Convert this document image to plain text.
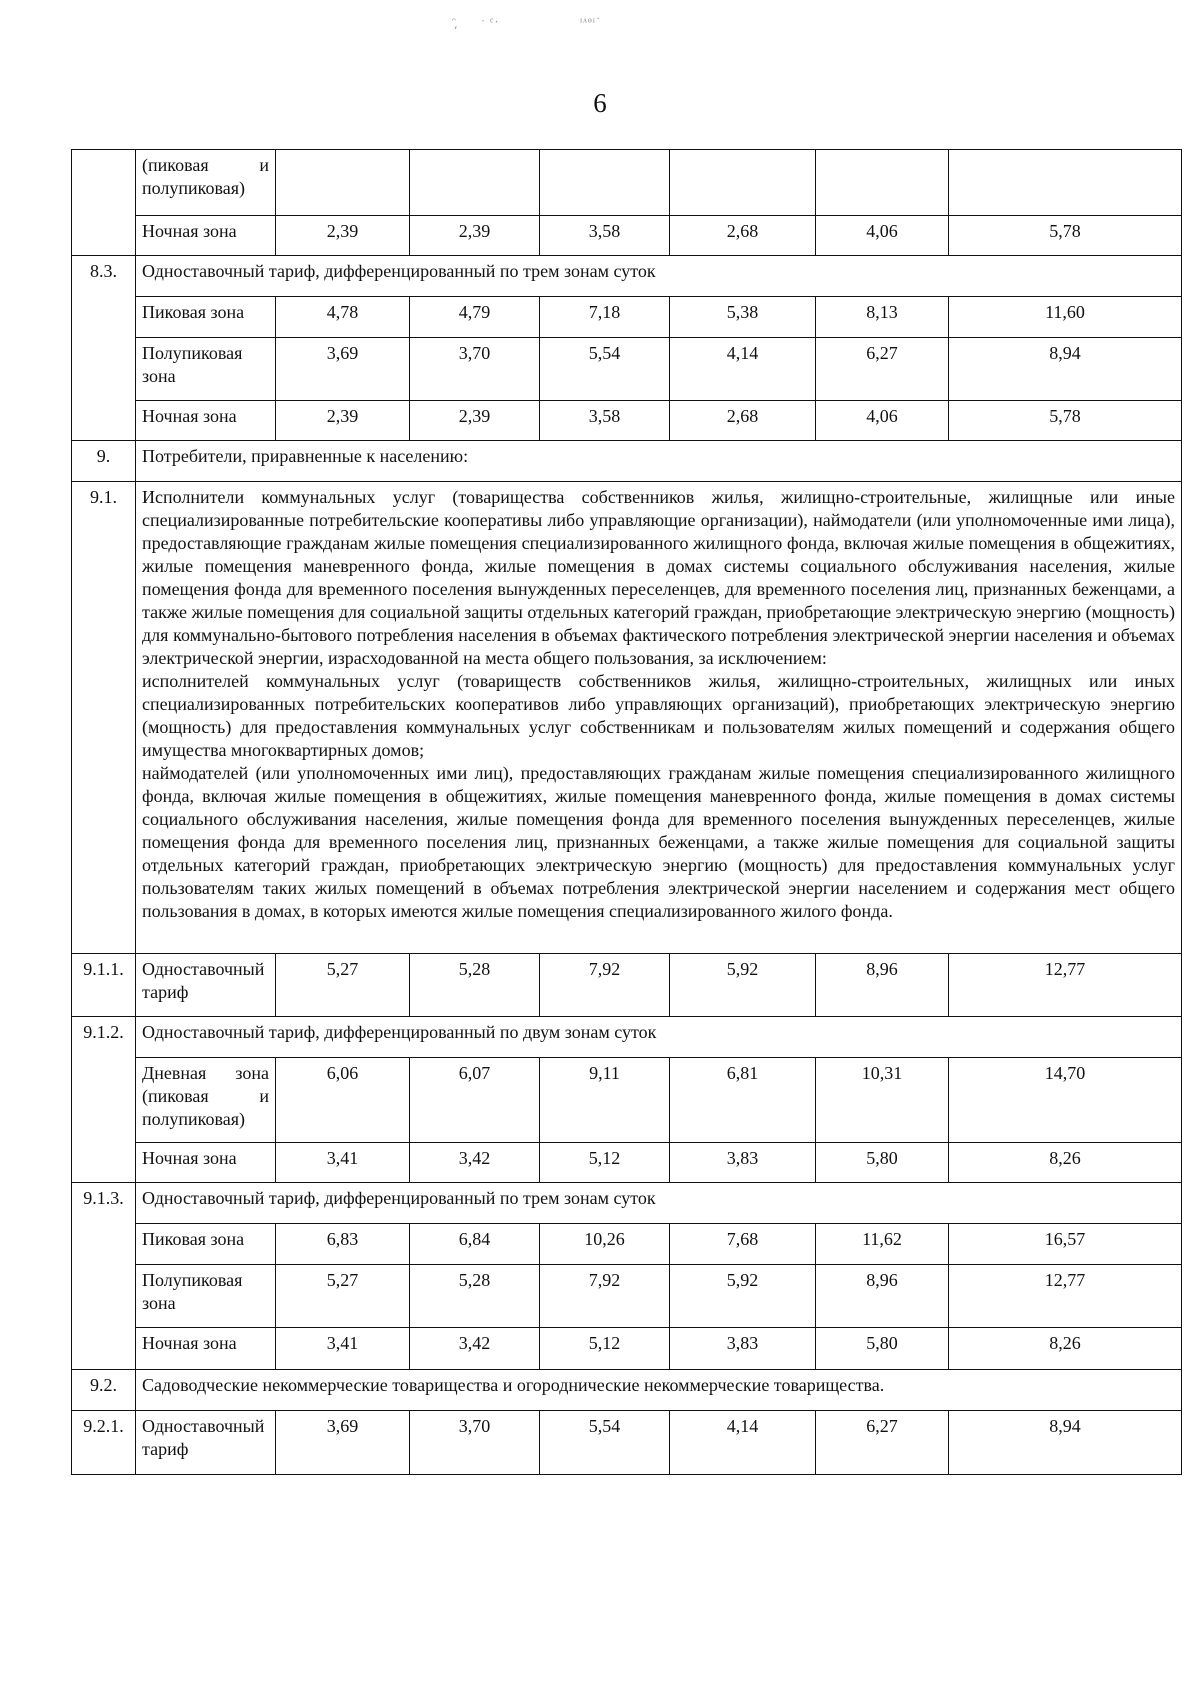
ᵔ᷊ᷤᷢ ˑ ᶜ·	ᶦᶺᶱᶦ˙
6
	(пиковая и полупиковая)						
	Ночная зона	2,39	2,39	3,58	2,68	4,06	5,78
8.3.	Одноставочный тариф, дифференцированный по трем зонам суток						
	Пиковая зона	4,78	4,79	7,18	5,38	8,13	11,60
	Полупиковая зона	3,69	3,70	5,54	4,14	6,27	8,94
	Ночная зона	2,39	2,39	3,58	2,68	4,06	5,78
9.	Потребители, приравненные к населению:						
9.1.	Исполнители коммунальных услуг (товарищества собственников жилья, жилищно-строительные, жилищные или иные специализированные потребительские кооперативы либо управляющие организации), наймодатели (или уполномоченные ими лица), предоставляющие гражданам жилые помещения специализированного жилищного фонда, включая жилые помещения в общежитиях, жилые помещения маневренного фонда, жилые помещения в домах системы социального обслуживания населения, жилые помещения фонда для временного поселения вынужденных переселенцев, для временного поселения лиц, признанных беженцами, а также жилые помещения для социальной защиты отдельных категорий граждан, приобретающие электрическую энергию (мощность) для коммунально-бытового потребления населения в объемах фактического потребления электрической энергии населения и объемах электрической энергии, израсходованной на места общего пользования, за исключением:
исполнителей коммунальных услуг (товариществ собственников жилья, жилищно-строительных, жилищных или иных специализированных потребительских кооперативов либо управляющих организаций), приобретающих электрическую энергию (мощность) для предоставления коммунальных услуг собственникам и пользователям жилых помещений и содержания общего имущества многоквартирных домов;
наймодателей (или уполномоченных ими лиц), предоставляющих гражданам жилые помещения специализированного жилищного фонда, включая жилые помещения в общежитиях, жилые помещения маневренного фонда, жилые помещения в домах системы социального обслуживания населения, жилые помещения фонда для временного поселения вынужденных переселенцев, жилые помещения фонда для временного поселения лиц, признанных беженцами, а также жилые помещения для социальной защиты отдельных категорий граждан, приобретающих электрическую энергию (мощность) для предоставления коммунальных услуг пользователям таких жилых помещений в объемах потребления электрической энергии населением и содержания мест общего пользования в домах, в которых имеются жилые помещения специализированного жилого фонда.						

9.1.1.	Одноставочный тариф	5,27	5,28	7,92	5,92	8,96	12,77
9.1.2.	Одноставочный тариф, дифференцированный по двум зонам суток						
	Дневная зона (пиковая и полупиковая)	6,06	6,07	9,11	6,81	10,31	14,70
	Ночная зона	3,41	3,42	5,12	3,83	5,80	8,26
9.1.3.	Одноставочный тариф, дифференцированный по трем зонам суток						
	Пиковая зона	6,83	6,84	10,26	7,68	11,62	16,57
	Полупиковая зона	5,27	5,28	7,92	5,92	8,96	12,77
	Ночная зона	3,41	3,42	5,12	3,83	5,80	8,26
9.2.	Садоводческие некоммерческие товарищества и огороднические некоммерческие товарищества.						
9.2.1.	Одноставочный тариф	3,69	3,70	5,54	4,14	6,27	8,94
